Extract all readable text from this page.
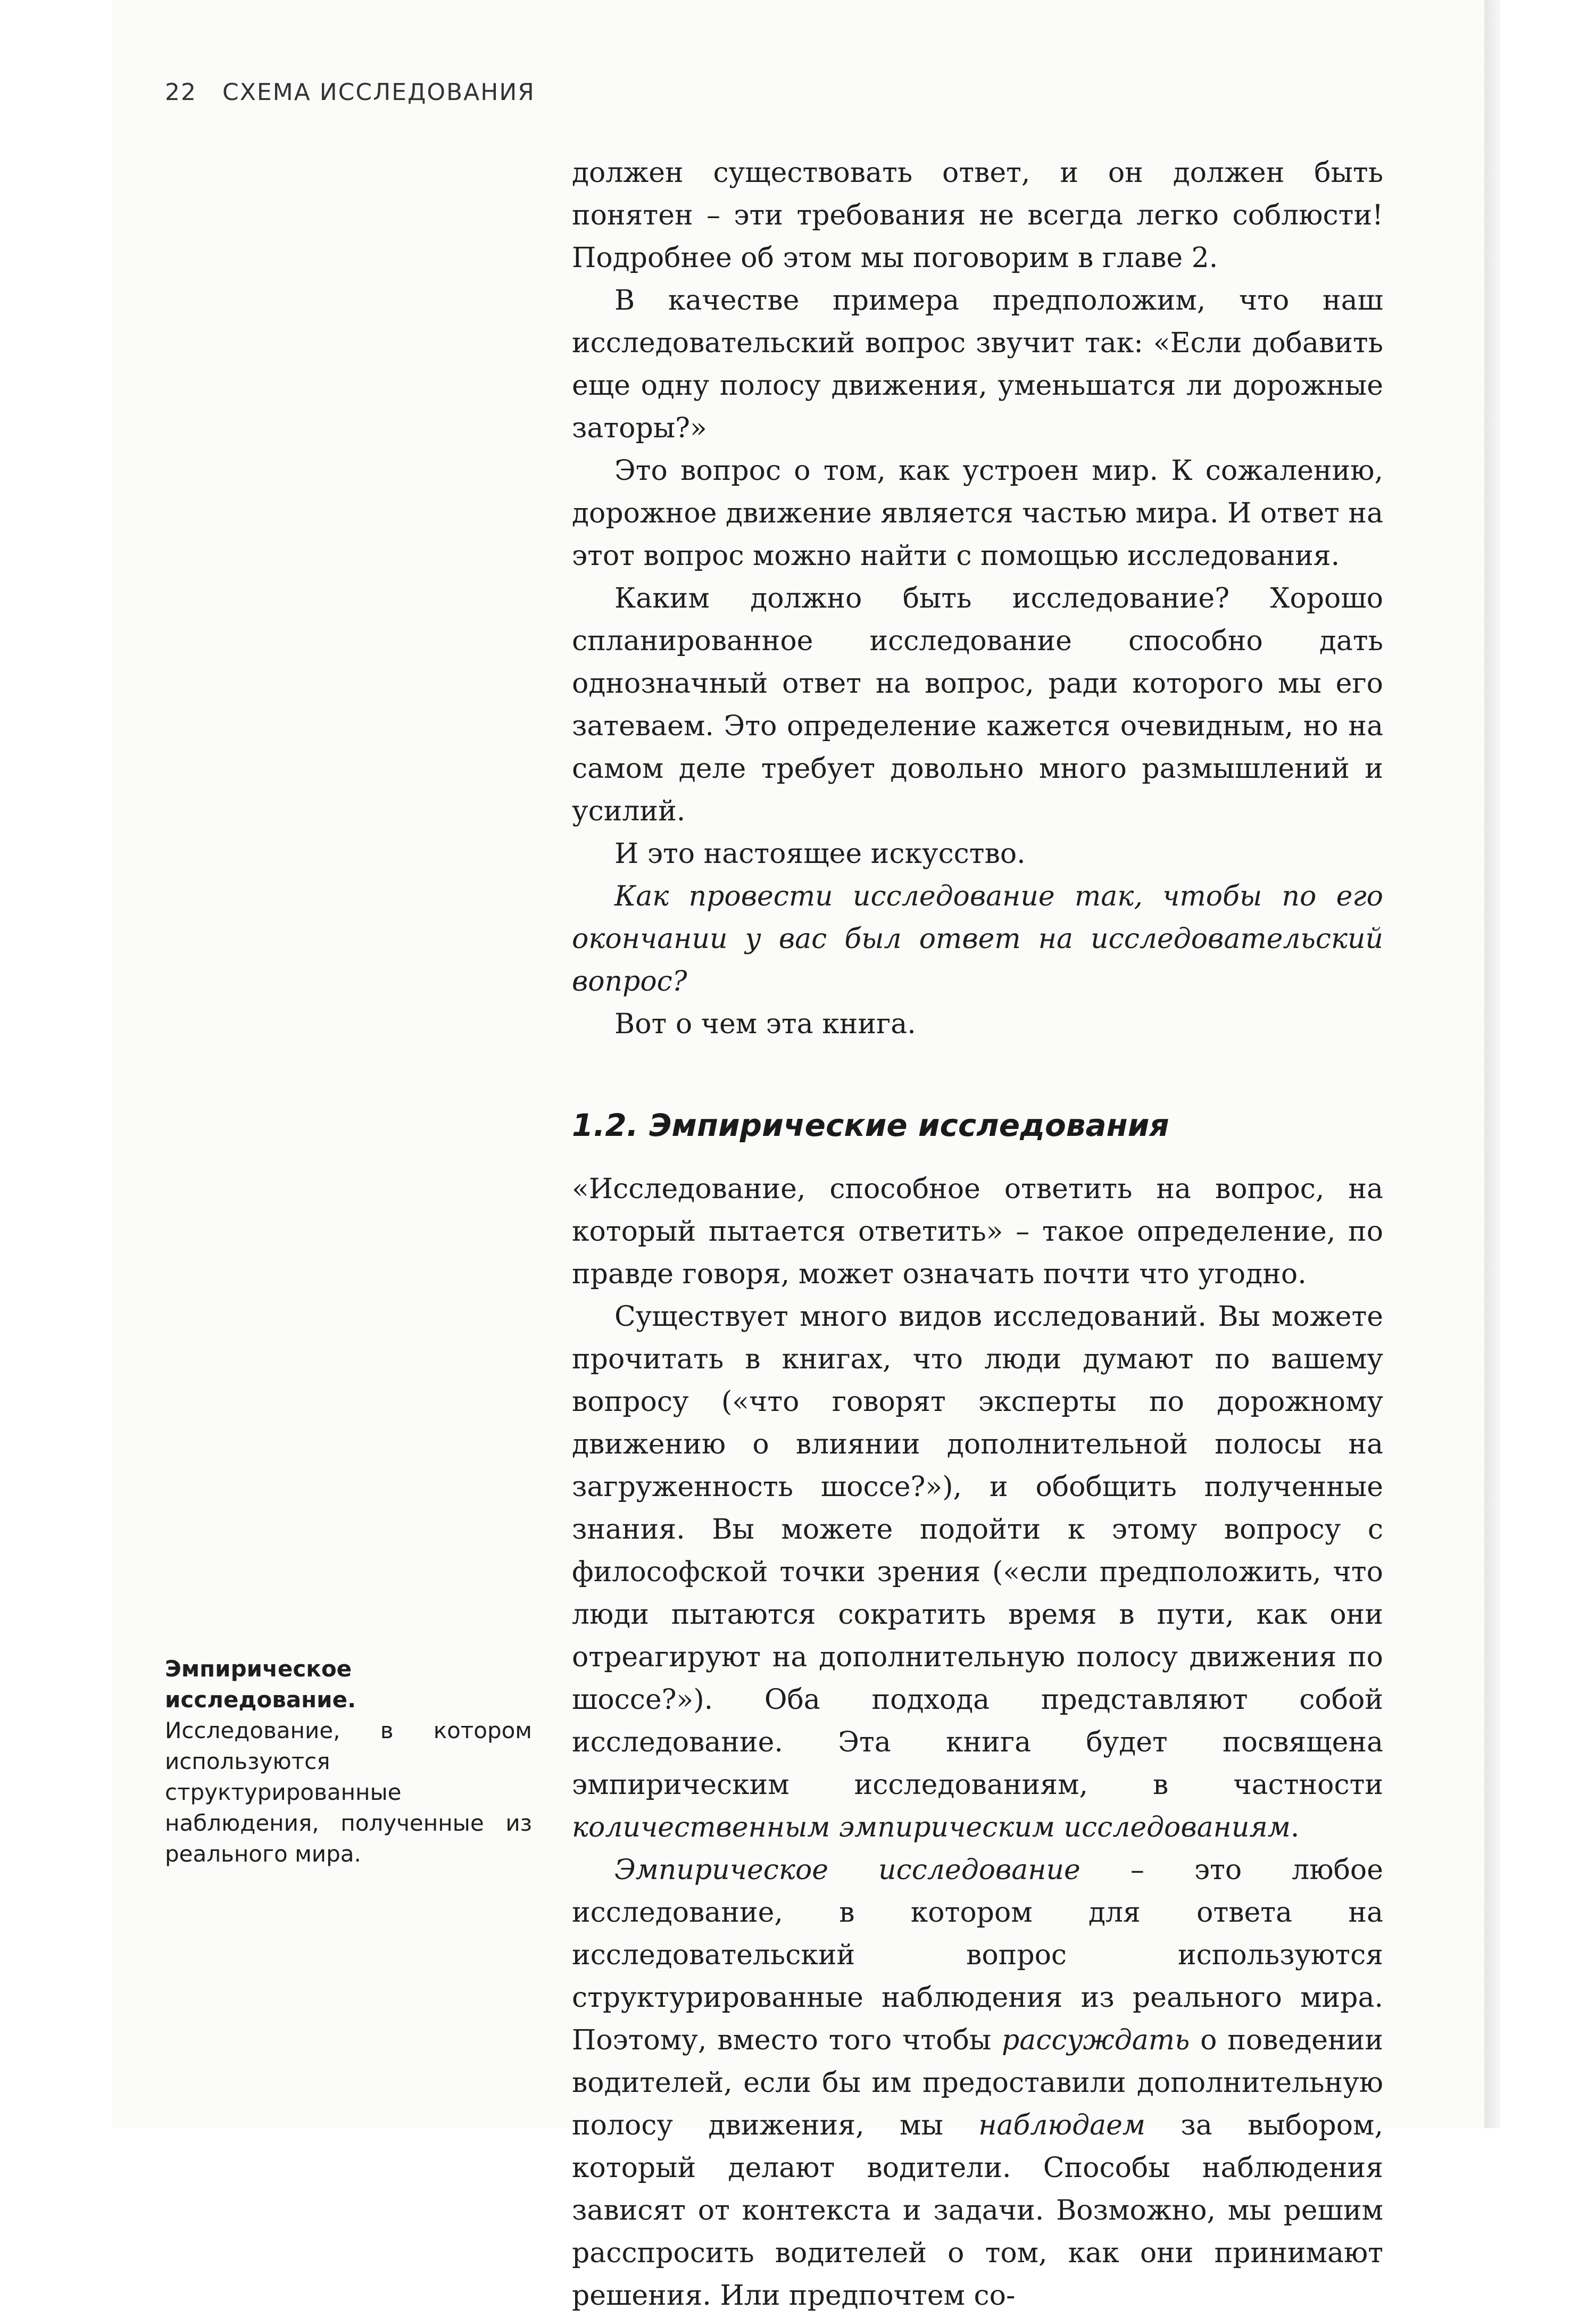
22 СХЕМА ИССЛЕДОВАНИЯ

должен существовать ответ, и он должен быть понятен – эти требования не всегда легко соблюсти! Подробнее об этом мы поговорим в главе 2.

В качестве примера предположим, что наш исследовательский вопрос звучит так: «Если добавить еще одну полосу движения, уменьшатся ли дорожные заторы?»

Это вопрос о том, как устроен мир. К сожалению, дорожное движение является частью мира. И ответ на этот вопрос можно найти с помощью исследования.

Каким должно быть исследование? Хорошо спланированное исследование способно дать однозначный ответ на вопрос, ради которого мы его затеваем. Это определение кажется очевидным, но на самом деле требует довольно много размышлений и усилий.

И это настоящее искусство.

Как провести исследование так, чтобы по его окончании у вас был ответ на исследовательский вопрос?

Вот о чем эта книга.

1.2. Эмпирические исследования

«Исследование, способное ответить на вопрос, на который пытается ответить» – такое определение, по правде говоря, может означать почти что угодно.

Существует много видов исследований. Вы можете прочитать в книгах, что люди думают по вашему вопросу («что говорят эксперты по дорожному движению о влиянии дополнительной полосы на загруженность шоссе?»), и обобщить полученные знания. Вы можете подойти к этому вопросу с философской точки зрения («если предположить, что люди пытаются сократить время в пути, как они отреагируют на дополнительную полосу движения по шоссе?»). Оба подхода представляют собой исследование. Эта книга будет посвящена эмпирическим исследованиям, в частности количественным эмпирическим исследованиям.

Эмпирическое исследование – это любое исследование, в котором для ответа на исследовательский вопрос используются структурированные наблюдения из реального мира. Поэтому, вместо того чтобы рассуждать о поведении водителей, если бы им предоставили дополнительную полосу движения, мы наблюдаем за выбором, который делают водители. Способы наблюдения зависят от контекста и задачи. Возможно, мы решим расспросить водителей о том, как они принимают решения. Или предпочтем со-

Эмпирическое исследование. Исследование, в котором используются структурированные наблюдения, полученные из реального мира.
